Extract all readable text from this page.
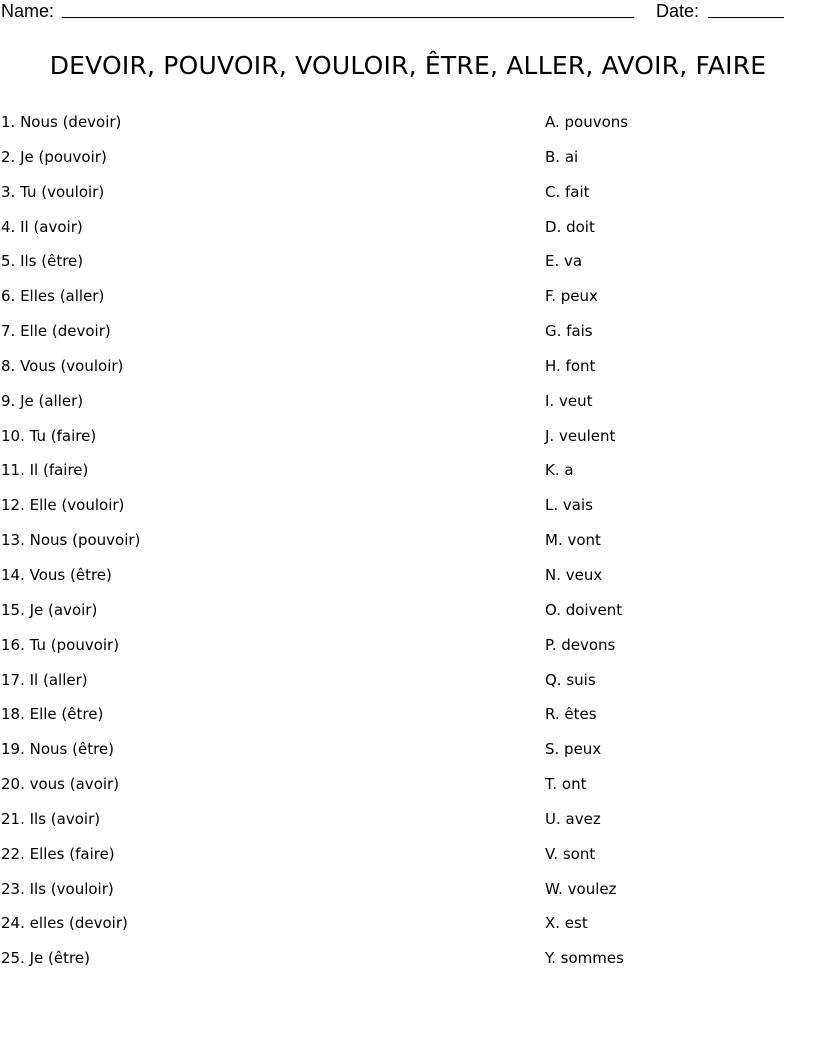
Name:	Date:
DEVOIR, POUVOIR, VOULOIR, ÊTRE, ALLER, AVOIR, FAIRE
1. Nous (devoir)
2. Je (pouvoir)
3. Tu (vouloir)
4. Il (avoir)
5. Ils (être)
6. Elles (aller)
7. Elle (devoir)
8. Vous (vouloir)
9. Je (aller)
10. Tu (faire)
11. Il (faire)
12. Elle (vouloir)
13. Nous (pouvoir)
14. Vous (être)
15. Je (avoir)
16. Tu (pouvoir)
17. Il (aller)
18. Elle (être)
19. Nous (être)
20. vous (avoir)
21. Ils (avoir)
22. Elles (faire)
23. Ils (vouloir)
24. elles (devoir)
25. Je (être)
A. pouvons
B. ai
C. fait
D. doit
E. va
F. peux
G. fais
H. font
I. veut
J. veulent
K. a
L. vais
M. vont
N. veux
O. doivent
P. devons
Q. suis
R. êtes
S. peux
T. ont
U. avez
V. sont
W. voulez
X. est
Y. sommes
